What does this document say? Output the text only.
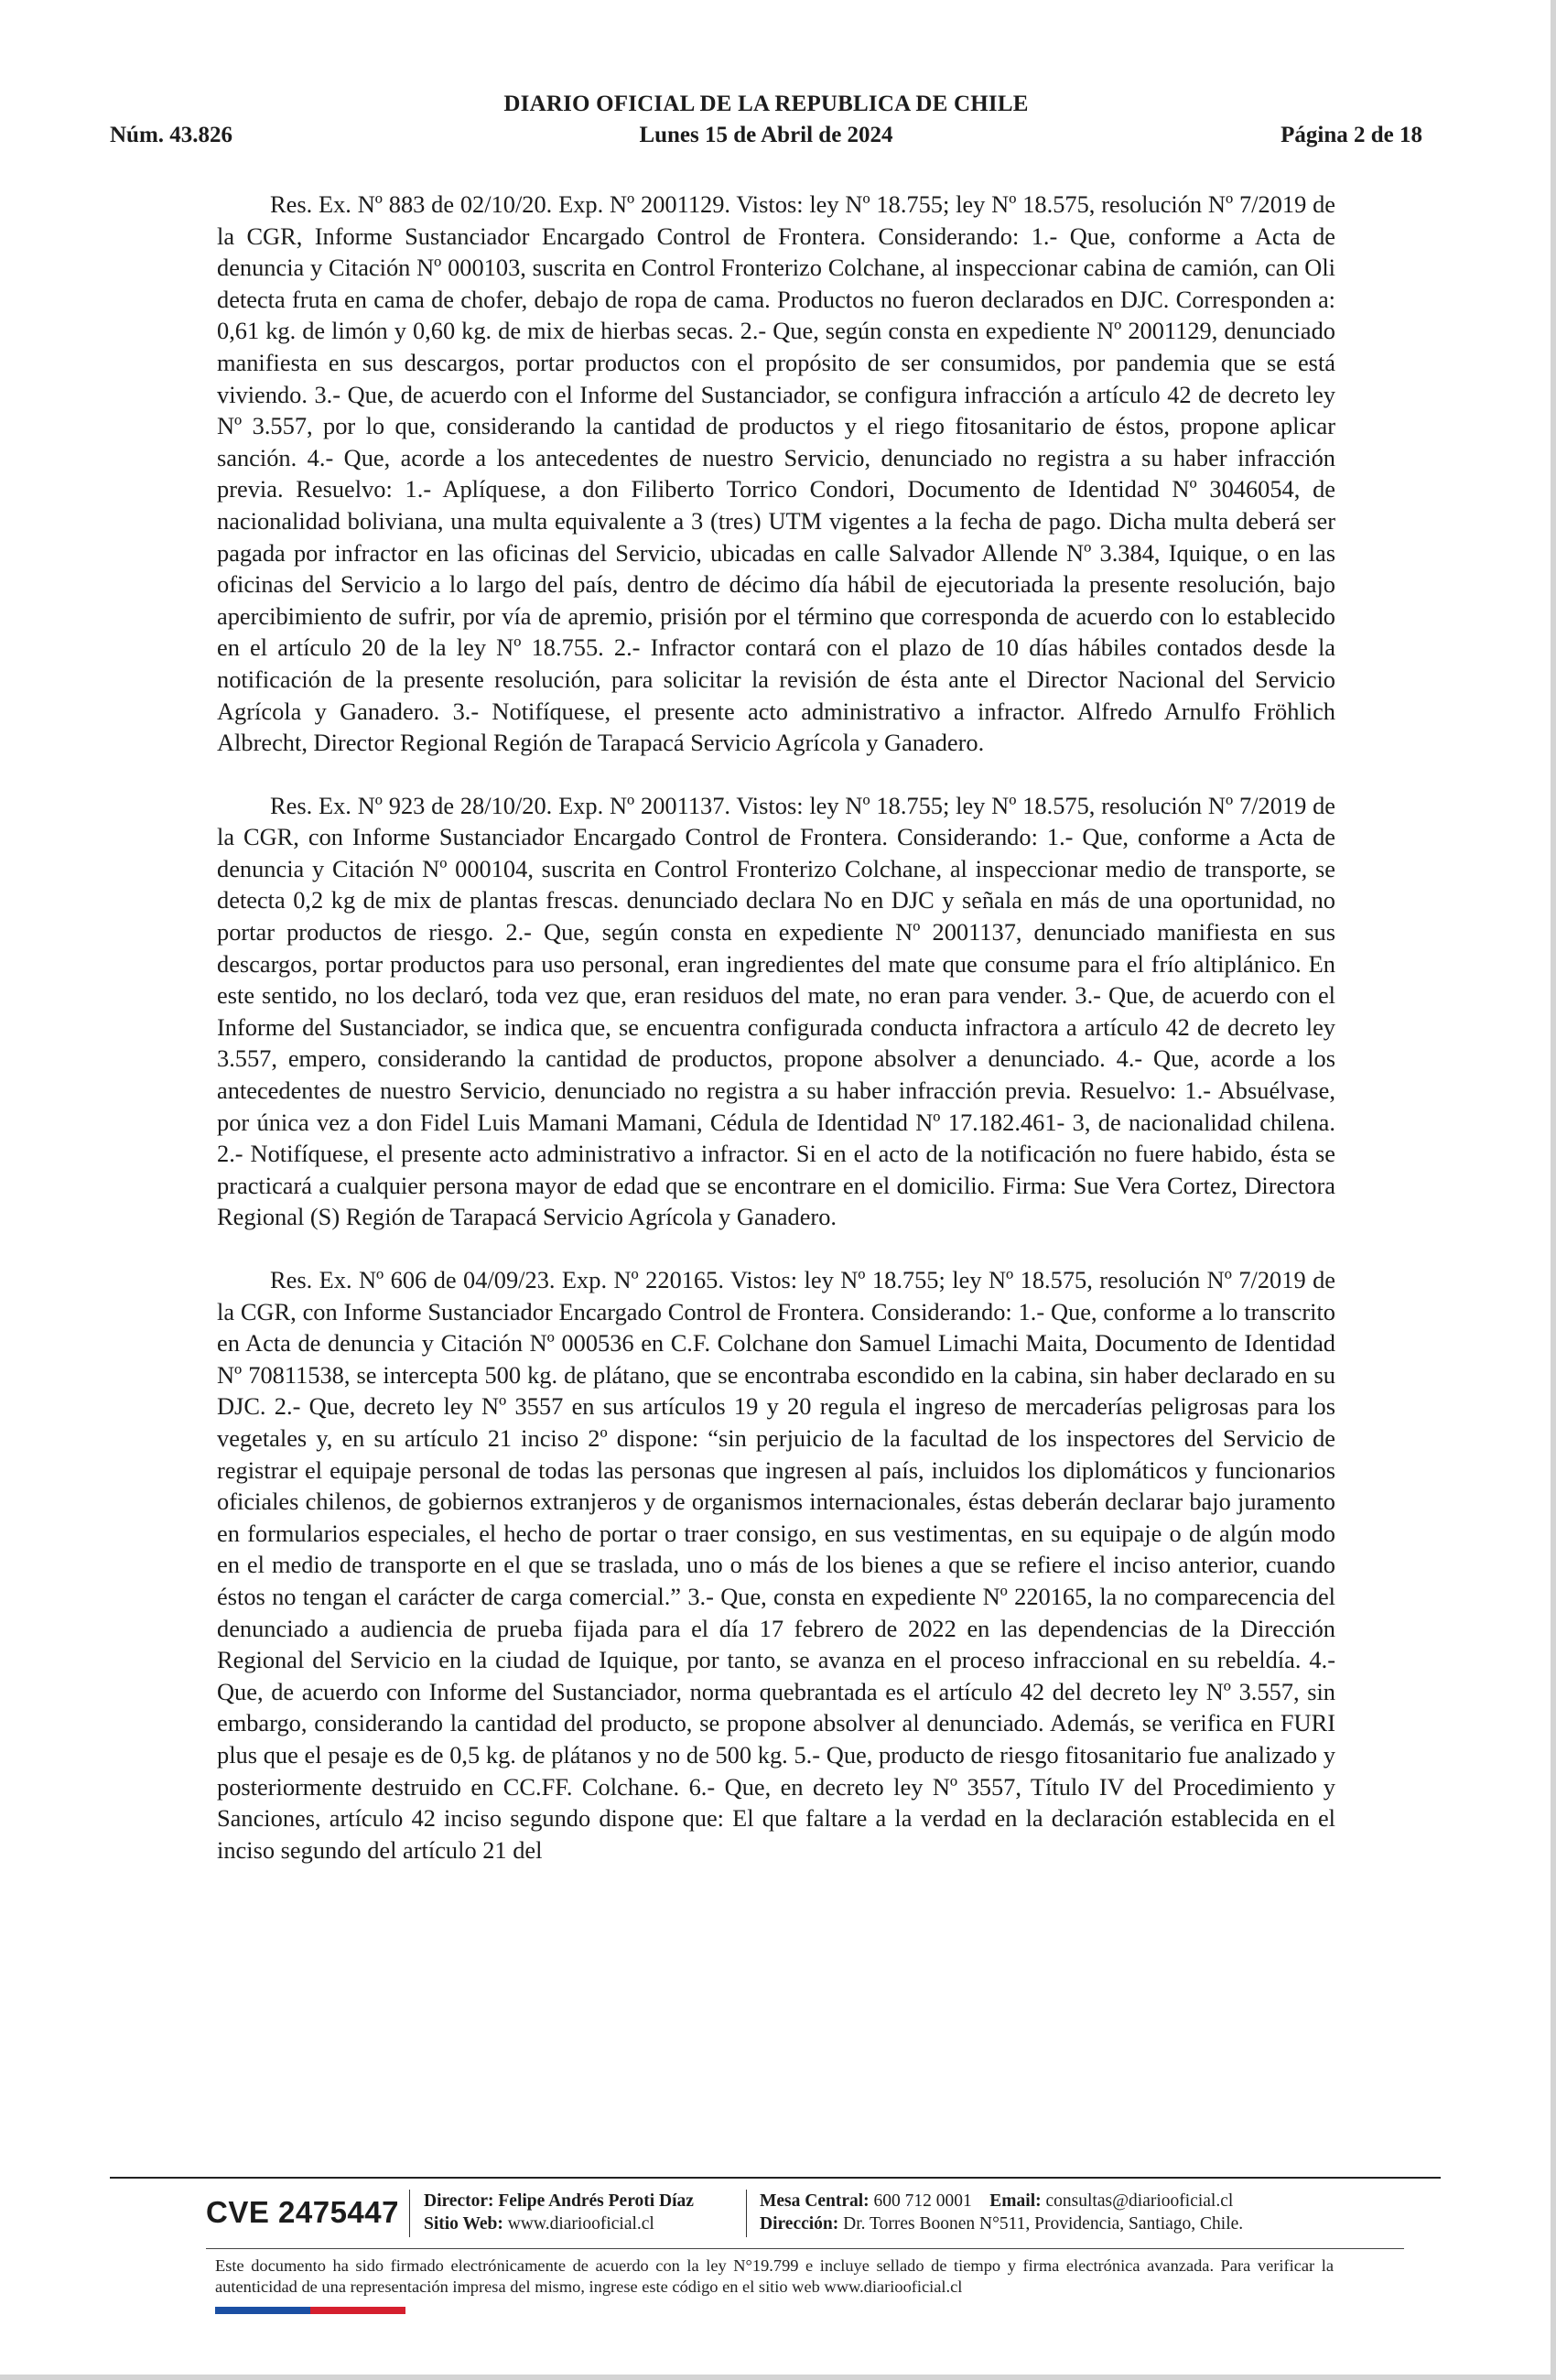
DIARIO OFICIAL DE LA REPUBLICA DE CHILE
Núm. 43.826	Lunes 15 de Abril de 2024	Página 2 de 18

Res. Ex. Nº 883 de 02/10/20. Exp. Nº 2001129. Vistos: ley Nº 18.755; ley Nº 18.575, resolución Nº 7/2019 de la CGR, Informe Sustanciador Encargado Control de Frontera. Considerando: 1.- Que, conforme a Acta de denuncia y Citación Nº 000103, suscrita en Control Fronterizo Colchane, al inspeccionar cabina de camión, can Oli detecta fruta en cama de chofer, debajo de ropa de cama. Productos no fueron declarados en DJC. Corresponden a: 0,61 kg. de limón y 0,60 kg. de mix de hierbas secas. 2.- Que, según consta en expediente Nº 2001129, denunciado manifiesta en sus descargos, portar productos con el propósito de ser consumidos, por pandemia que se está viviendo. 3.- Que, de acuerdo con el Informe del Sustanciador, se configura infracción a artículo 42 de decreto ley Nº 3.557, por lo que, considerando la cantidad de productos y el riego fitosanitario de éstos, propone aplicar sanción. 4.- Que, acorde a los antecedentes de nuestro Servicio, denunciado no registra a su haber infracción previa. Resuelvo: 1.- Aplíquese, a don Filiberto Torrico Condori, Documento de Identidad Nº 3046054, de nacionalidad boliviana, una multa equivalente a 3 (tres) UTM vigentes a la fecha de pago. Dicha multa deberá ser pagada por infractor en las oficinas del Servicio, ubicadas en calle Salvador Allende Nº 3.384, Iquique, o en las oficinas del Servicio a lo largo del país, dentro de décimo día hábil de ejecutoriada la presente resolución, bajo apercibimiento de sufrir, por vía de apremio, prisión por el término que corresponda de acuerdo con lo establecido en el artículo 20 de la ley Nº 18.755. 2.- Infractor contará con el plazo de 10 días hábiles contados desde la notificación de la presente resolución, para solicitar la revisión de ésta ante el Director Nacional del Servicio Agrícola y Ganadero. 3.- Notifíquese, el presente acto administrativo a infractor. Alfredo Arnulfo Fröhlich Albrecht, Director Regional Región de Tarapacá Servicio Agrícola y Ganadero.

Res. Ex. Nº 923 de 28/10/20. Exp. Nº 2001137. Vistos: ley Nº 18.755; ley Nº 18.575, resolución Nº 7/2019 de la CGR, con Informe Sustanciador Encargado Control de Frontera. Considerando: 1.- Que, conforme a Acta de denuncia y Citación Nº 000104, suscrita en Control Fronterizo Colchane, al inspeccionar medio de transporte, se detecta 0,2 kg de mix de plantas frescas. denunciado declara No en DJC y señala en más de una oportunidad, no portar productos de riesgo. 2.- Que, según consta en expediente Nº 2001137, denunciado manifiesta en sus descargos, portar productos para uso personal, eran ingredientes del mate que consume para el frío altiplánico. En este sentido, no los declaró, toda vez que, eran residuos del mate, no eran para vender. 3.- Que, de acuerdo con el Informe del Sustanciador, se indica que, se encuentra configurada conducta infractora a artículo 42 de decreto ley 3.557, empero, considerando la cantidad de productos, propone absolver a denunciado. 4.- Que, acorde a los antecedentes de nuestro Servicio, denunciado no registra a su haber infracción previa. Resuelvo: 1.- Absuélvase, por única vez a don Fidel Luis Mamani Mamani, Cédula de Identidad Nº 17.182.461- 3, de nacionalidad chilena. 2.- Notifíquese, el presente acto administrativo a infractor. Si en el acto de la notificación no fuere habido, ésta se practicará a cualquier persona mayor de edad que se encontrare en el domicilio. Firma: Sue Vera Cortez, Directora Regional (S) Región de Tarapacá Servicio Agrícola y Ganadero.

Res. Ex. Nº 606 de 04/09/23. Exp. Nº 220165. Vistos: ley Nº 18.755; ley Nº 18.575, resolución Nº 7/2019 de la CGR, con Informe Sustanciador Encargado Control de Frontera. Considerando: 1.- Que, conforme a lo transcrito en Acta de denuncia y Citación Nº 000536 en C.F. Colchane don Samuel Limachi Maita, Documento de Identidad Nº 70811538, se intercepta 500 kg. de plátano, que se encontraba escondido en la cabina, sin haber declarado en su DJC. 2.- Que, decreto ley Nº 3557 en sus artículos 19 y 20 regula el ingreso de mercaderías peligrosas para los vegetales y, en su artículo 21 inciso 2º dispone: “sin perjuicio de la facultad de los inspectores del Servicio de registrar el equipaje personal de todas las personas que ingresen al país, incluidos los diplomáticos y funcionarios oficiales chilenos, de gobiernos extranjeros y de organismos internacionales, éstas deberán declarar bajo juramento en formularios especiales, el hecho de portar o traer consigo, en sus vestimentas, en su equipaje o de algún modo en el medio de transporte en el que se traslada, uno o más de los bienes a que se refiere el inciso anterior, cuando éstos no tengan el carácter de carga comercial.” 3.- Que, consta en expediente Nº 220165, la no comparecencia del denunciado a audiencia de prueba fijada para el día 17 febrero de 2022 en las dependencias de la Dirección Regional del Servicio en la ciudad de Iquique, por tanto, se avanza en el proceso infraccional en su rebeldía. 4.- Que, de acuerdo con Informe del Sustanciador, norma quebrantada es el artículo 42 del decreto ley Nº 3.557, sin embargo, considerando la cantidad del producto, se propone absolver al denunciado. Además, se verifica en FURI plus que el pesaje es de 0,5 kg. de plátanos y no de 500 kg. 5.- Que, producto de riesgo fitosanitario fue analizado y posteriormente destruido en CC.FF. Colchane. 6.- Que, en decreto ley Nº 3557, Título IV del Procedimiento y Sanciones, artículo 42 inciso segundo dispone que: El que faltare a la verdad en la declaración establecida en el inciso segundo del artículo 21 del

CVE 2475447 Director: Felipe Andrés Peroti Díaz
Sitio Web: www.diariooficial.cl
Mesa Central: 600 712 0001 Email: consultas@diariooficial.cl
Dirección: Dr. Torres Boonen N°511, Providencia, Santiago, Chile.
Este documento ha sido firmado electrónicamente de acuerdo con la ley N°19.799 e incluye sellado de tiempo y firma electrónica avanzada. Para verificar la autenticidad de una representación impresa del mismo, ingrese este código en el sitio web www.diariooficial.cl
